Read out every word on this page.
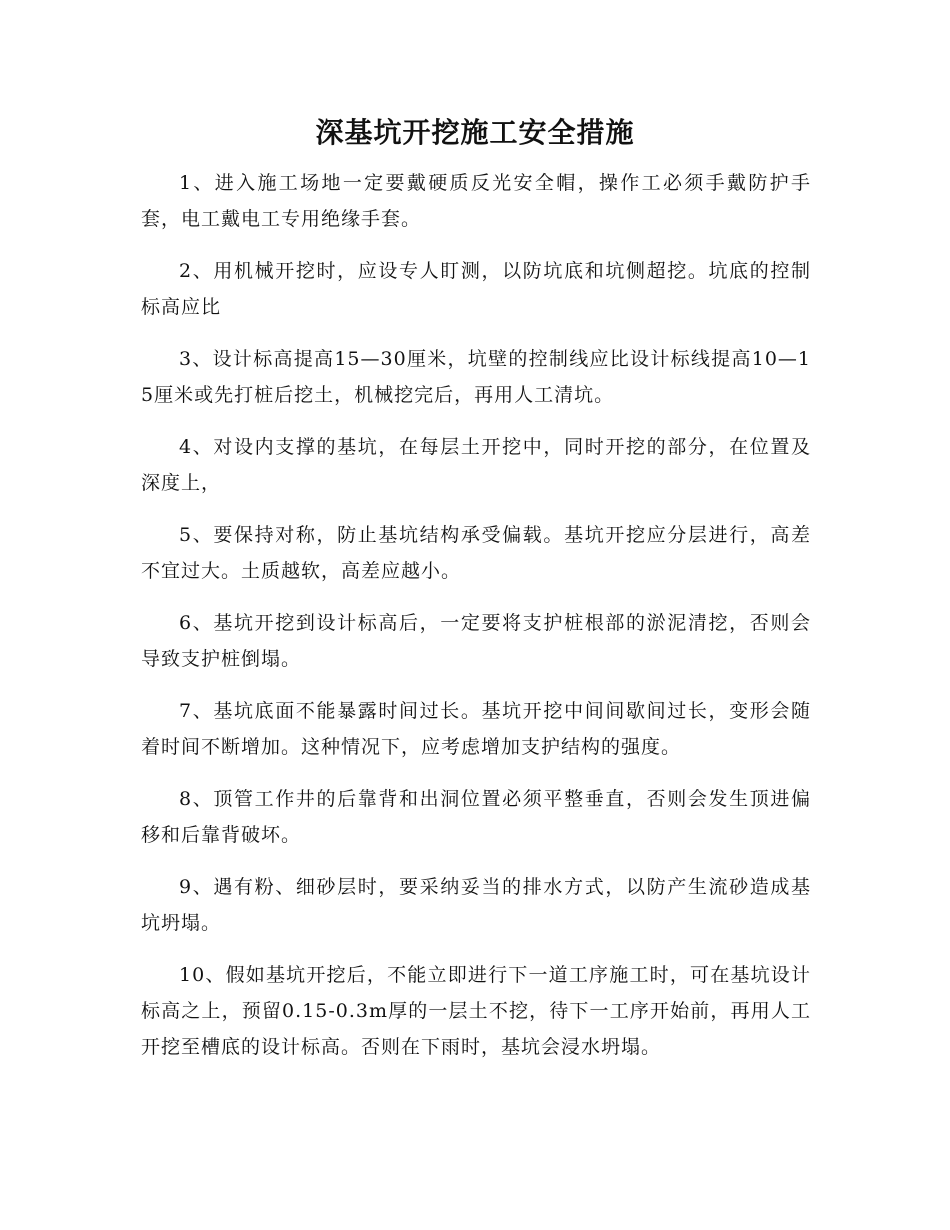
深基坑开挖施工安全措施

1、进入施工场地一定要戴硬质反光安全帽，操作工必须手戴防护手套，电工戴电工专用绝缘手套。

2、用机械开挖时，应设专人盯测，以防坑底和坑侧超挖。坑底的控制标高应比

3、设计标高提高15—30厘米，坑壁的控制线应比设计标线提高10—15厘米或先打桩后挖土，机械挖完后，再用人工清坑。

4、对设内支撑的基坑，在每层土开挖中，同时开挖的部分，在位置及深度上，

5、要保持对称，防止基坑结构承受偏载。基坑开挖应分层进行，高差不宜过大。土质越软，高差应越小。

6、基坑开挖到设计标高后，一定要将支护桩根部的淤泥清挖，否则会导致支护桩倒塌。

7、基坑底面不能暴露时间过长。基坑开挖中间间歇间过长，变形会随着时间不断增加。这种情况下，应考虑增加支护结构的强度。

8、顶管工作井的后靠背和出洞位置必须平整垂直，否则会发生顶进偏移和后靠背破坏。

9、遇有粉、细砂层时，要采纳妥当的排水方式，以防产生流砂造成基坑坍塌。

10、假如基坑开挖后，不能立即进行下一道工序施工时，可在基坑设计标高之上，预留0.15-0.3m厚的一层土不挖，待下一工序开始前，再用人工开挖至槽底的设计标高。否则在下雨时，基坑会浸水坍塌。
